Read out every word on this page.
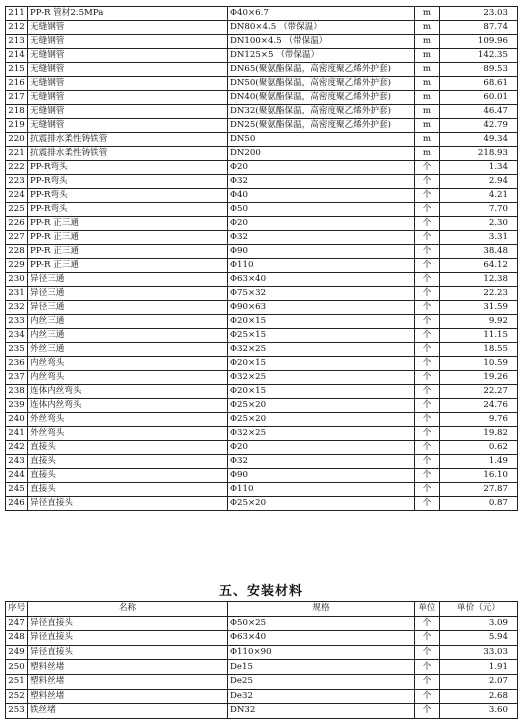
211	PP-R 管材2.5MPa	Φ40×6.7	m	23.03
212	无缝钢管	DN80×4.5 （带保温）	m	87.74
213	无缝钢管	DN100×4.5 （带保温）	m	109.96
214	无缝钢管	DN125×5 （带保温）	m	142.35
215	无缝钢管	DN65(聚氨酯保温，高密度聚乙烯外护套)	m	89.53
216	无缝钢管	DN50(聚氨酯保温，高密度聚乙烯外护套)	m	68.61
217	无缝钢管	DN40(聚氨酯保温，高密度聚乙烯外护套)	m	60.01
218	无缝钢管	DN32(聚氨酯保温，高密度聚乙烯外护套)	m	46.47
219	无缝钢管	DN25(聚氨酯保温，高密度聚乙烯外护套)	m	42.79
220	抗震排水柔性铸铁管	DN50	m	49.34
221	抗震排水柔性铸铁管	DN200	m	218.93
222	PP-R弯头	Φ20	个	1.34
223	PP-R弯头	Φ32	个	2.94
224	PP-R弯头	Φ40	个	4.21
225	PP-R弯头	Φ50	个	7.70
226	PP-R 正三通	Φ20	个	2.30
227	PP-R 正三通	Φ32	个	3.31
228	PP-R 正三通	Φ90	个	38.48
229	PP-R 正三通	Φ110	个	64.12
230	异径三通	Φ63×40	个	12.38
231	异径三通	Φ75×32	个	22.23
232	异径三通	Φ90×63	个	31.59
233	内丝三通	Φ20×15	个	9.92
234	内丝三通	Φ25×15	个	11.15
235	外丝三通	Φ32×25	个	18.55
236	内丝弯头	Φ20×15	个	10.59
237	内丝弯头	Φ32×25	个	19.26
238	连体内丝弯头	Φ20×15	个	22.27
239	连体内丝弯头	Φ25×20	个	24.76
240	外丝弯头	Φ25×20	个	9.76
241	外丝弯头	Φ32×25	个	19.82
242	直接头	Φ20	个	0.62
243	直接头	Φ32	个	1.49
244	直接头	Φ90	个	16.10
245	直接头	Φ110	个	27.87
246	异径直接头	Φ25×20	个	0.87
五、安装材料
序号	名称	规格	单位	单价（元）
247	异径直接头	Φ50×25	个	3.09
248	异径直接头	Φ63×40	个	5.94
249	异径直接头	Φ110×90	个	33.03
250	塑料丝堵	De15	个	1.91
251	塑料丝堵	De25	个	2.07
252	塑料丝堵	De32	个	2.68
253	铁丝堵	DN32	个	3.60
